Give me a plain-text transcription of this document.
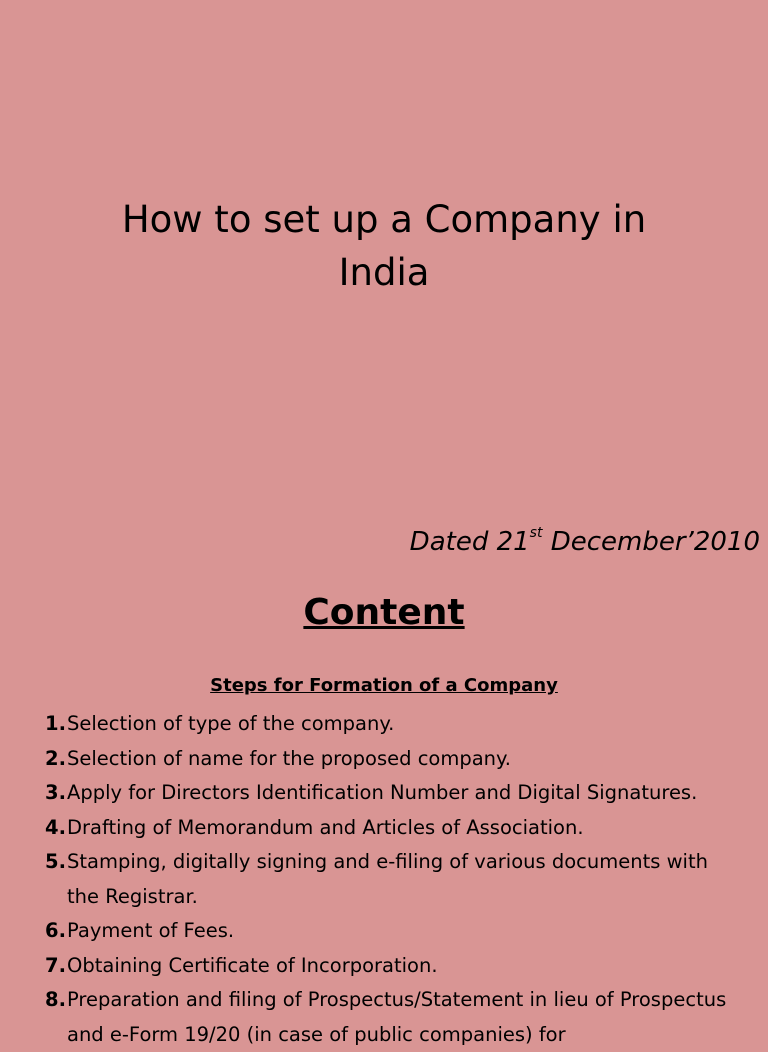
How to set up a Company in India
Dated 21st December’2010
Content
Steps for Formation of a Company
1. Selection of type of the company.
2. Selection of name for the proposed company.
3. Apply for Directors Identification Number and Digital Signatures.
4. Drafting of Memorandum and Articles of Association.
5. Stamping, digitally signing and e-filing of various documents with the Registrar.
6. Payment of Fees.
7. Obtaining Certificate of Incorporation.
8. Preparation and filing of Prospectus/Statement in lieu of Prospectus and e-Form 19/20 (in case of public companies) for
